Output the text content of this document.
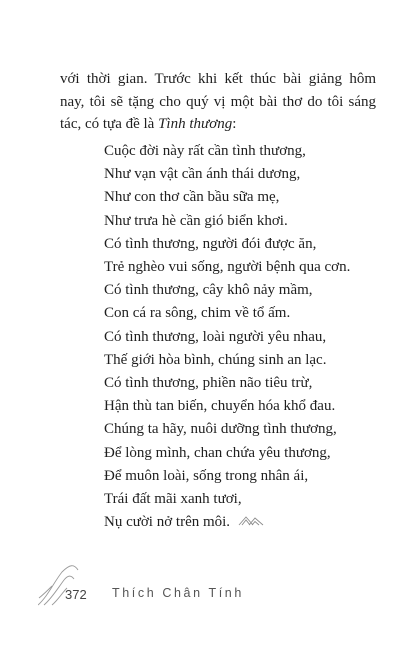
với thời gian. Trước khi kết thúc bài giảng hôm
nay, tôi sẽ tặng cho quý vị một bài thơ do tôi sáng
tác, có tựa đề là Tình thương:
Cuộc đời này rất cần tình thương,
Như vạn vật cần ánh thái dương,
Như con thơ cần bầu sữa mẹ,
Như trưa hè cần gió biển khơi.
Có tình thương, người đói được ăn,
Trẻ nghèo vui sống, người bệnh qua cơn.
Có tình thương, cây khô nảy mầm,
Con cá ra sông, chim về tổ ấm.
Có tình thương, loài người yêu nhau,
Thế giới hòa bình, chúng sinh an lạc.
Có tình thương, phiền não tiêu trừ,
Hận thù tan biến, chuyển hóa khổ đau.
Chúng ta hãy, nuôi dưỡng tình thương,
Để lòng mình, chan chứa yêu thương,
Để muôn loài, sống trong nhân ái,
Trái đất mãi xanh tươi,
Nụ cười nở trên môi.
372 Thích Chân Tính
